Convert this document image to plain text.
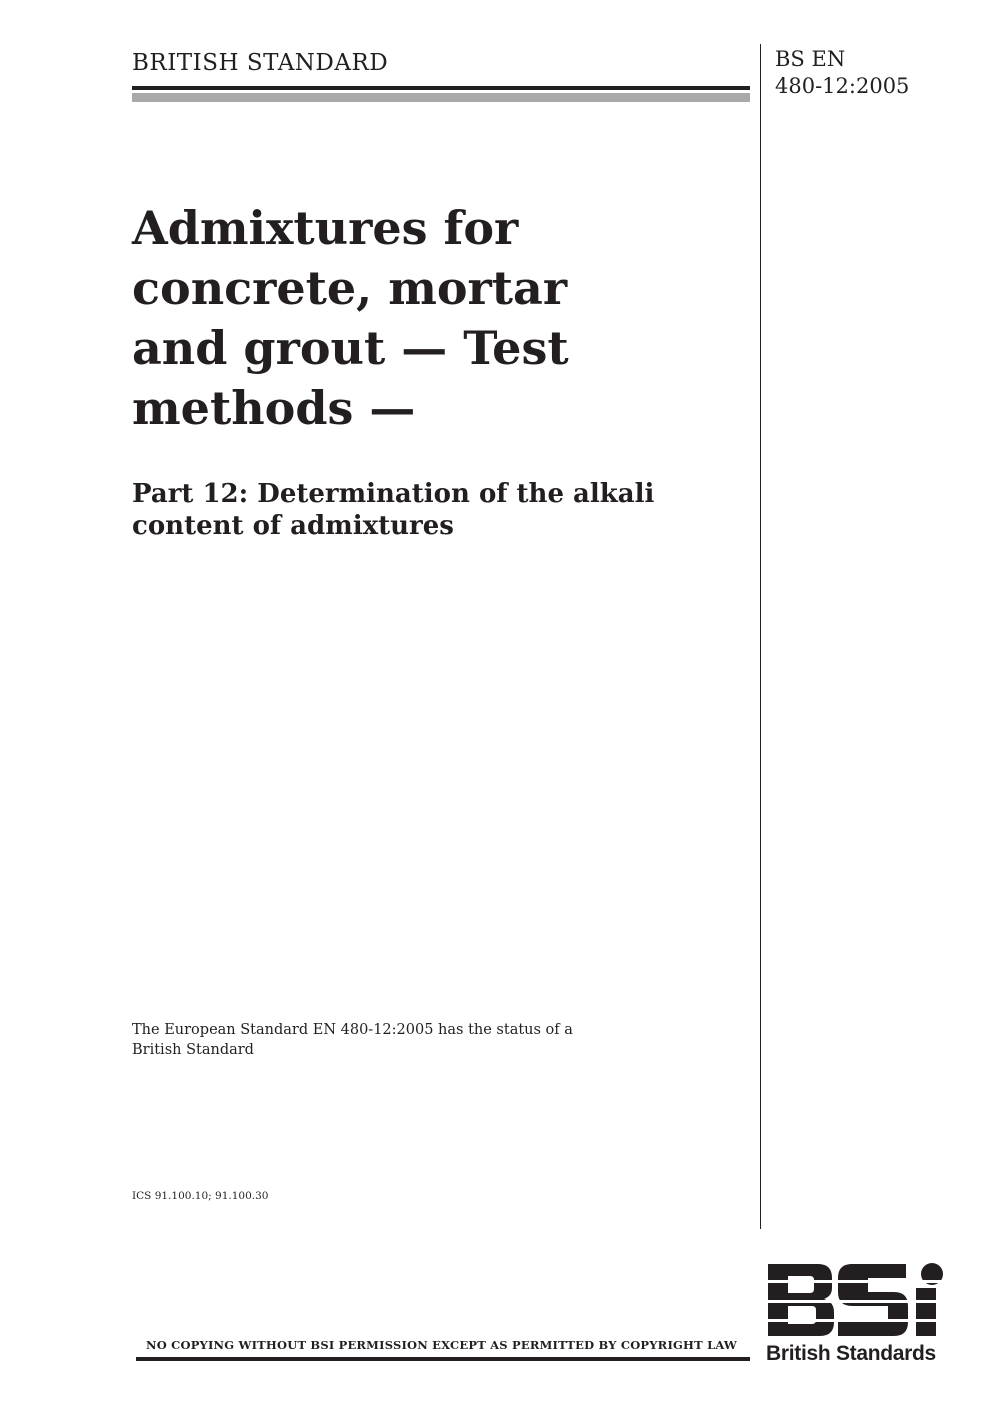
BRITISH STANDARD	BS EN
480-12:2005
Admixtures for
concrete, mortar
and grout — Test
methods —
Part 12: Determination of the alkali
content of admixtures
The European Standard EN 480-12:2005 has the status of a
British Standard
ICS 91.100.10; 91.100.30
NO COPYING WITHOUT BSI PERMISSION EXCEPT AS PERMITTED BY COPYRIGHT LAW British Standards
